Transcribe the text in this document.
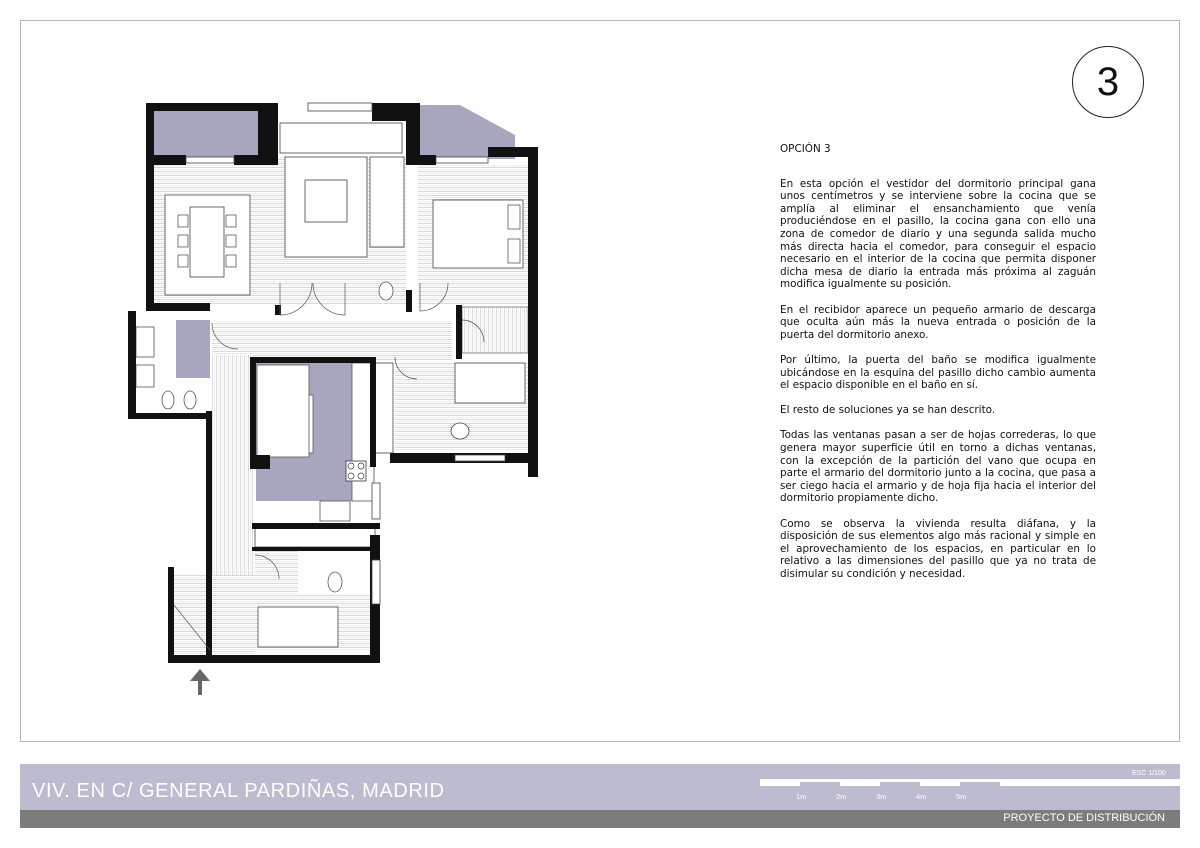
3
OPCIÓN 3

En esta opción el vestidor del dormitorio principal gana unos centímetros y se interviene sobre la cocina que se amplía al eliminar el ensanchamiento que venía produciéndose en el pasillo, la cocina gana con ello una zona de comedor de diario y una segunda salida mucho más directa hacia el comedor, para conseguir el espacio necesario en el interior de la cocina que permita disponer dicha mesa de diario la entrada más próxima al zaguán modifica igualmente su posición.

En el recibidor aparece un pequeño armario de descarga que oculta aún más la nueva entrada o posición de la puerta del dormitorio anexo.

Por último, la puerta del baño se modifica igualmente ubicándose en la esquina del pasillo dicho cambio aumenta el espacio disponible en el baño en sí.

El resto de soluciones ya se han descrito.

Todas las ventanas pasan a ser de hojas correderas, lo que genera mayor superficie útil en torno a dichas ventanas, con la excepción de la partición del vano que ocupa en parte el armario del dormitorio junto a la cocina, que pasa a ser ciego hacia el armario y de hoja fija hacia el interior del dormitorio propiamente dicho.

Como se observa la vivienda resulta diáfana, y la disposición de sus elementos algo más racional y simple en el aprovechamiento de los espacios, en particular en lo relativo a las dimensiones del pasillo que ya no trata de disimular su condición y necesidad.

VIV. EN C/ GENERAL PARDIÑAS, MADRID
ESC 1/100
1m	2m	3m	4m	5m
PROYECTO DE DISTRIBUCIÓN
